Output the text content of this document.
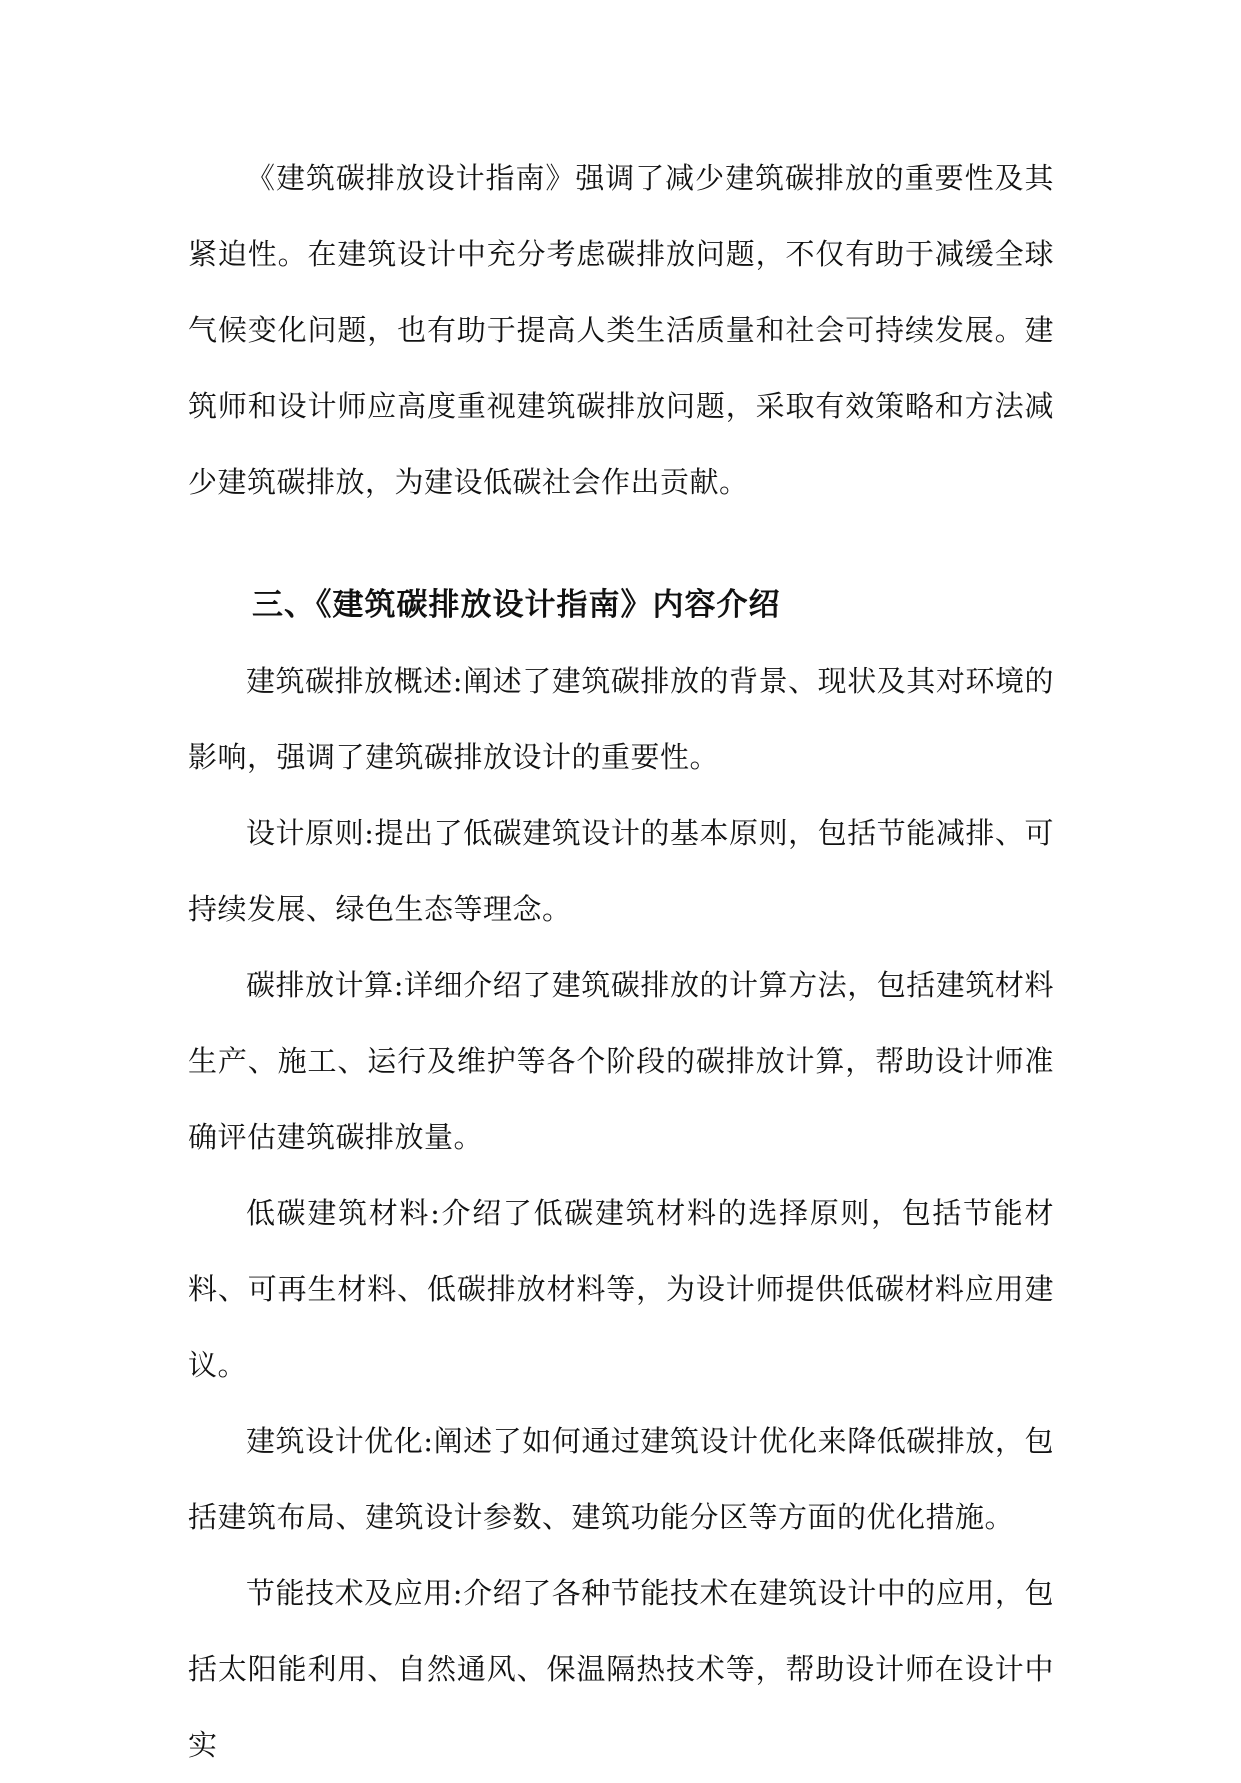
《建筑碳排放设计指南》强调了减少建筑碳排放的重要性及其紧迫性。在建筑设计中充分考虑碳排放问题，不仅有助于减缓全球气候变化问题，也有助于提高人类生活质量和社会可持续发展。建筑师和设计师应高度重视建筑碳排放问题，采取有效策略和方法减少建筑碳排放，为建设低碳社会作出贡献。

三、《建筑碳排放设计指南》内容介绍

建筑碳排放概述:阐述了建筑碳排放的背景、现状及其对环境的影响，强调了建筑碳排放设计的重要性。

设计原则:提出了低碳建筑设计的基本原则，包括节能减排、可持续发展、绿色生态等理念。

碳排放计算:详细介绍了建筑碳排放的计算方法，包括建筑材料生产、施工、运行及维护等各个阶段的碳排放计算，帮助设计师准确评估建筑碳排放量。

低碳建筑材料:介绍了低碳建筑材料的选择原则，包括节能材料、可再生材料、低碳排放材料等，为设计师提供低碳材料应用建议。

建筑设计优化:阐述了如何通过建筑设计优化来降低碳排放，包括建筑布局、建筑设计参数、建筑功能分区等方面的优化措施。

节能技术及应用:介绍了各种节能技术在建筑设计中的应用，包括太阳能利用、自然通风、保温隔热技术等，帮助设计师在设计中实
